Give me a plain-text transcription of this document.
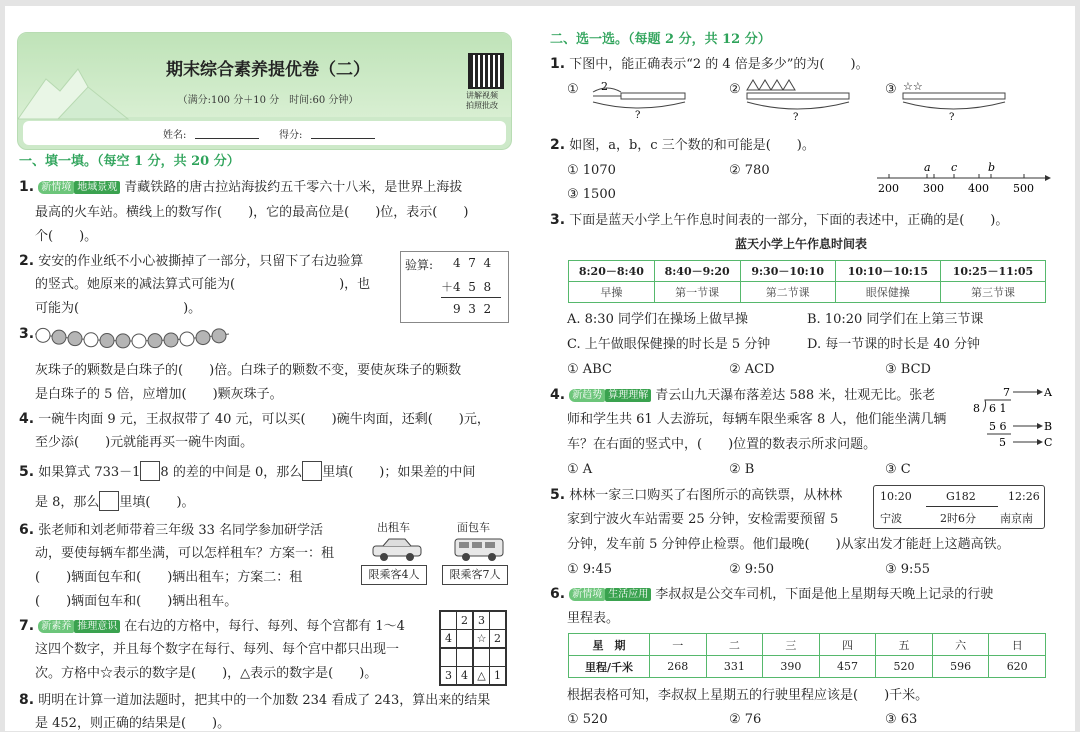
期末综合素养提优卷（二）
（满分:100 分＋10 分　时间:60 分钟）	讲解视频
拍照批改
姓名:	得分:
一、填一填。（每空 1 分，共 20 分）
1. 新情境 地域景观 青藏铁路的唐古拉站海拔约五千零六十八米，是世界上海拔
最高的火车站。横线上的数写作(　　)，它的最高位是(　　)位，表示(　　)
个(　　)。
2. 安安的作业纸不小心被撕掉了一部分，只留下了右边验算
的竖式。她原来的减法算式可能为(　　　　　　　　)，也
可能为(　　　　　　　　)。
验算: 4  7  4
＋4  5  8
9  3  2
3.
灰珠子的颗数是白珠子的(　　)倍。白珠子的颗数不变，要使灰珠子的颗数
是白珠子的 5 倍，应增加(　　)颗灰珠子。
4. 一碗牛肉面 9 元，王叔叔带了 40 元，可以买(　　)碗牛肉面，还剩(　　)元，
至少添(　　)元就能再买一碗牛肉面。
5. 如果算式 733－1 8 的差的中间是 0，那么 里填(　　)；如果差的中间
是 8，那么 里填(　　)。
6. 张老师和刘老师带着三年级 33 名同学参加研学活
动，要使每辆车都坐满，可以怎样租车？方案一：租
(　　)辆面包车和(　　)辆出租车；方案二：租
(　　)辆面包车和(　　)辆出租车。
出租车	面包车
限乘客4人	限乘客7人
7. 新素养 推理意识 在右边的方格中，每行、每列、每个宫都有 1～4
这四个数字，并且每个数字在每行、每列、每个宫中都只出现一
次。方格中☆表示的数字是(　　)，△表示的数字是(　　)。
	2	3	
4		☆	2

3	4	△	1
8. 明明在计算一道加法题时，把其中的一个加数 234 看成了 243，算出来的结果
是 452，则正确的结果是(　　)。
二、选一选。（每题 2 分，共 12 分）
1. 下图中，能正确表示“2 的 4 倍是多少”的为(　　)。
① 2
?
②
?
③ ☆☆
?
2. 如图，a，b，c 三个数的和可能是(　　)。
① 1070	② 780
③ 1500
a c	b
200 300 400 500
3. 下面是蓝天小学上午作息时间表的一部分，下面的表述中，正确的是(　　)。
蓝天小学上午作息时间表
8:20－8:40	8:40－9:20	9:30－10:10	10:10－10:15	10:25－11:05
早操	第一节课	第二节课	眼保健操	第三节课
A. 8:30 同学们在操场上做早操	B. 10:20 同学们在上第三节课
C. 上午做眼保健操的时长是 5 分钟	D. 每一节课的时长是 40 分钟
① ABC	② ACD	③ BCD
4. 新趋势 算理理解 青云山九天瀑布落差达 588 米，壮观无比。张老
师和学生共 61 人去游玩，每辆车限坐乘客 8 人，他们能坐满几辆
车？在右面的竖式中，(　　)位置的数表示所求问题。
① A	② B	③ C
7	A
8 6 1
5 6	B
5	C
5. 林林一家三口购买了右图所示的高铁票，从林林
家到宁波火车站需要 25 分钟，安检需要预留 5
分钟，发车前 5 分钟停止检票。他们最晚(　　)从家出发才能赶上这趟高铁。
① 9:45	② 9:50	③ 9:55
10:20	G182	12:26
宁波	2时6分 南京南
6. 新情境 生活应用 李叔叔是公交车司机，下面是他上星期每天晚上记录的行驶
里程表。
星　期	一	二	三	四	五	六	日
里程/千米	268	331	390	457	520	596	620
根据表格可知，李叔叔上星期五的行驶里程应该是(　　)千米。
① 520	② 76	③ 63
